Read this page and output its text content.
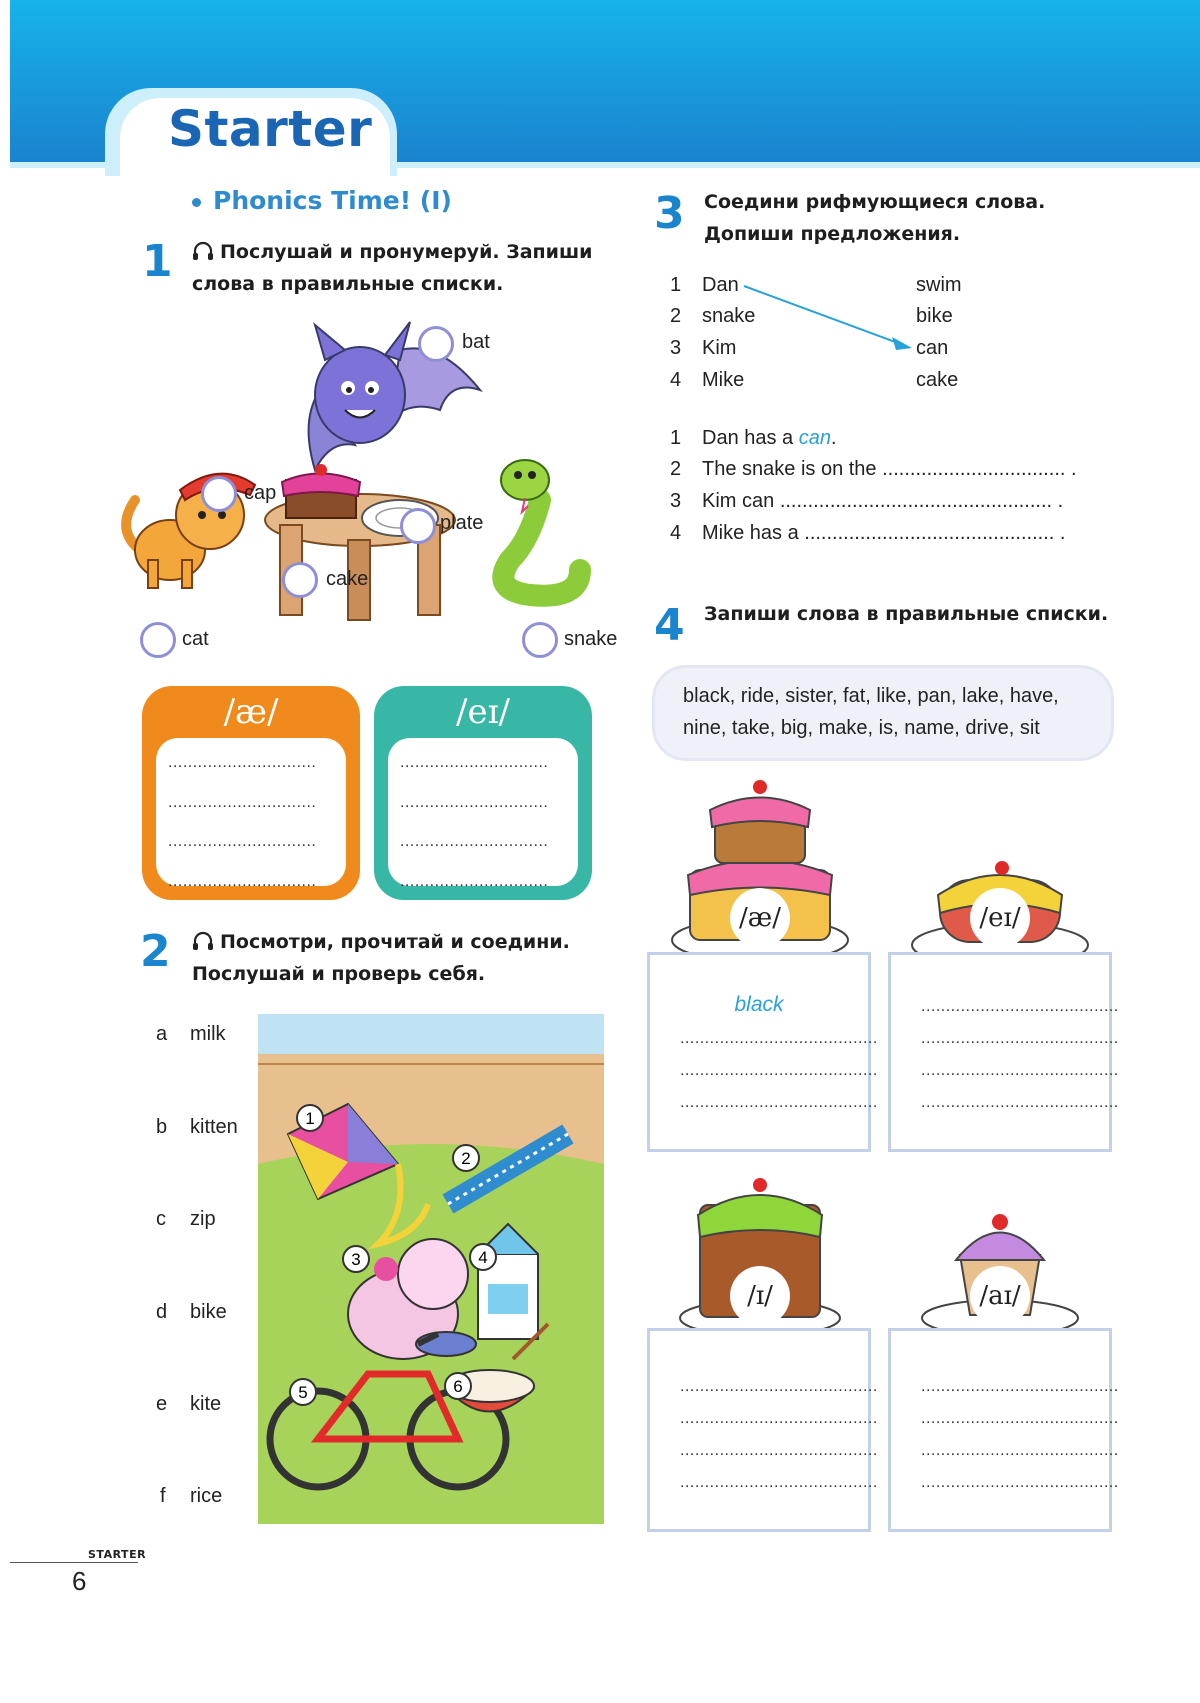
Starter
Phonics Time! (I)
1	Послушай и пронумеруй. Запиши
слова в правильные списки.
bat
cap
plate
cake
cat	snake
/æ/
..............................
..............................
..............................
..............................
/eɪ/
..............................
..............................
..............................
..............................
2	Посмотри, прочитай и соедини.
Послушай и проверь себя.
a milk
b kitten
c zip
d bike
e kite
f rice
1
2
3	4
5	6
3 Соедини рифмующиеся слова.
Допиши предложения.
1 Dan
2 snake
3 Kim
4 Mike
swim
bike
can
cake
1 Dan has a can.
2 The snake is on the ................................. .
3 Kim can ................................................. .
4 Mike has a ............................................. .
4 Запиши слова в правильные списки.
black, ride, sister, fat, like, pan, lake, have,
nine, take, big, make, is, name, drive, sit
/æ/	/eɪ/
/ɪ/	/aɪ/
black
........................................
........................................
........................................
........................................
........................................
........................................
........................................
........................................
........................................
........................................
........................................
........................................
........................................
........................................
........................................
STARTER
6
